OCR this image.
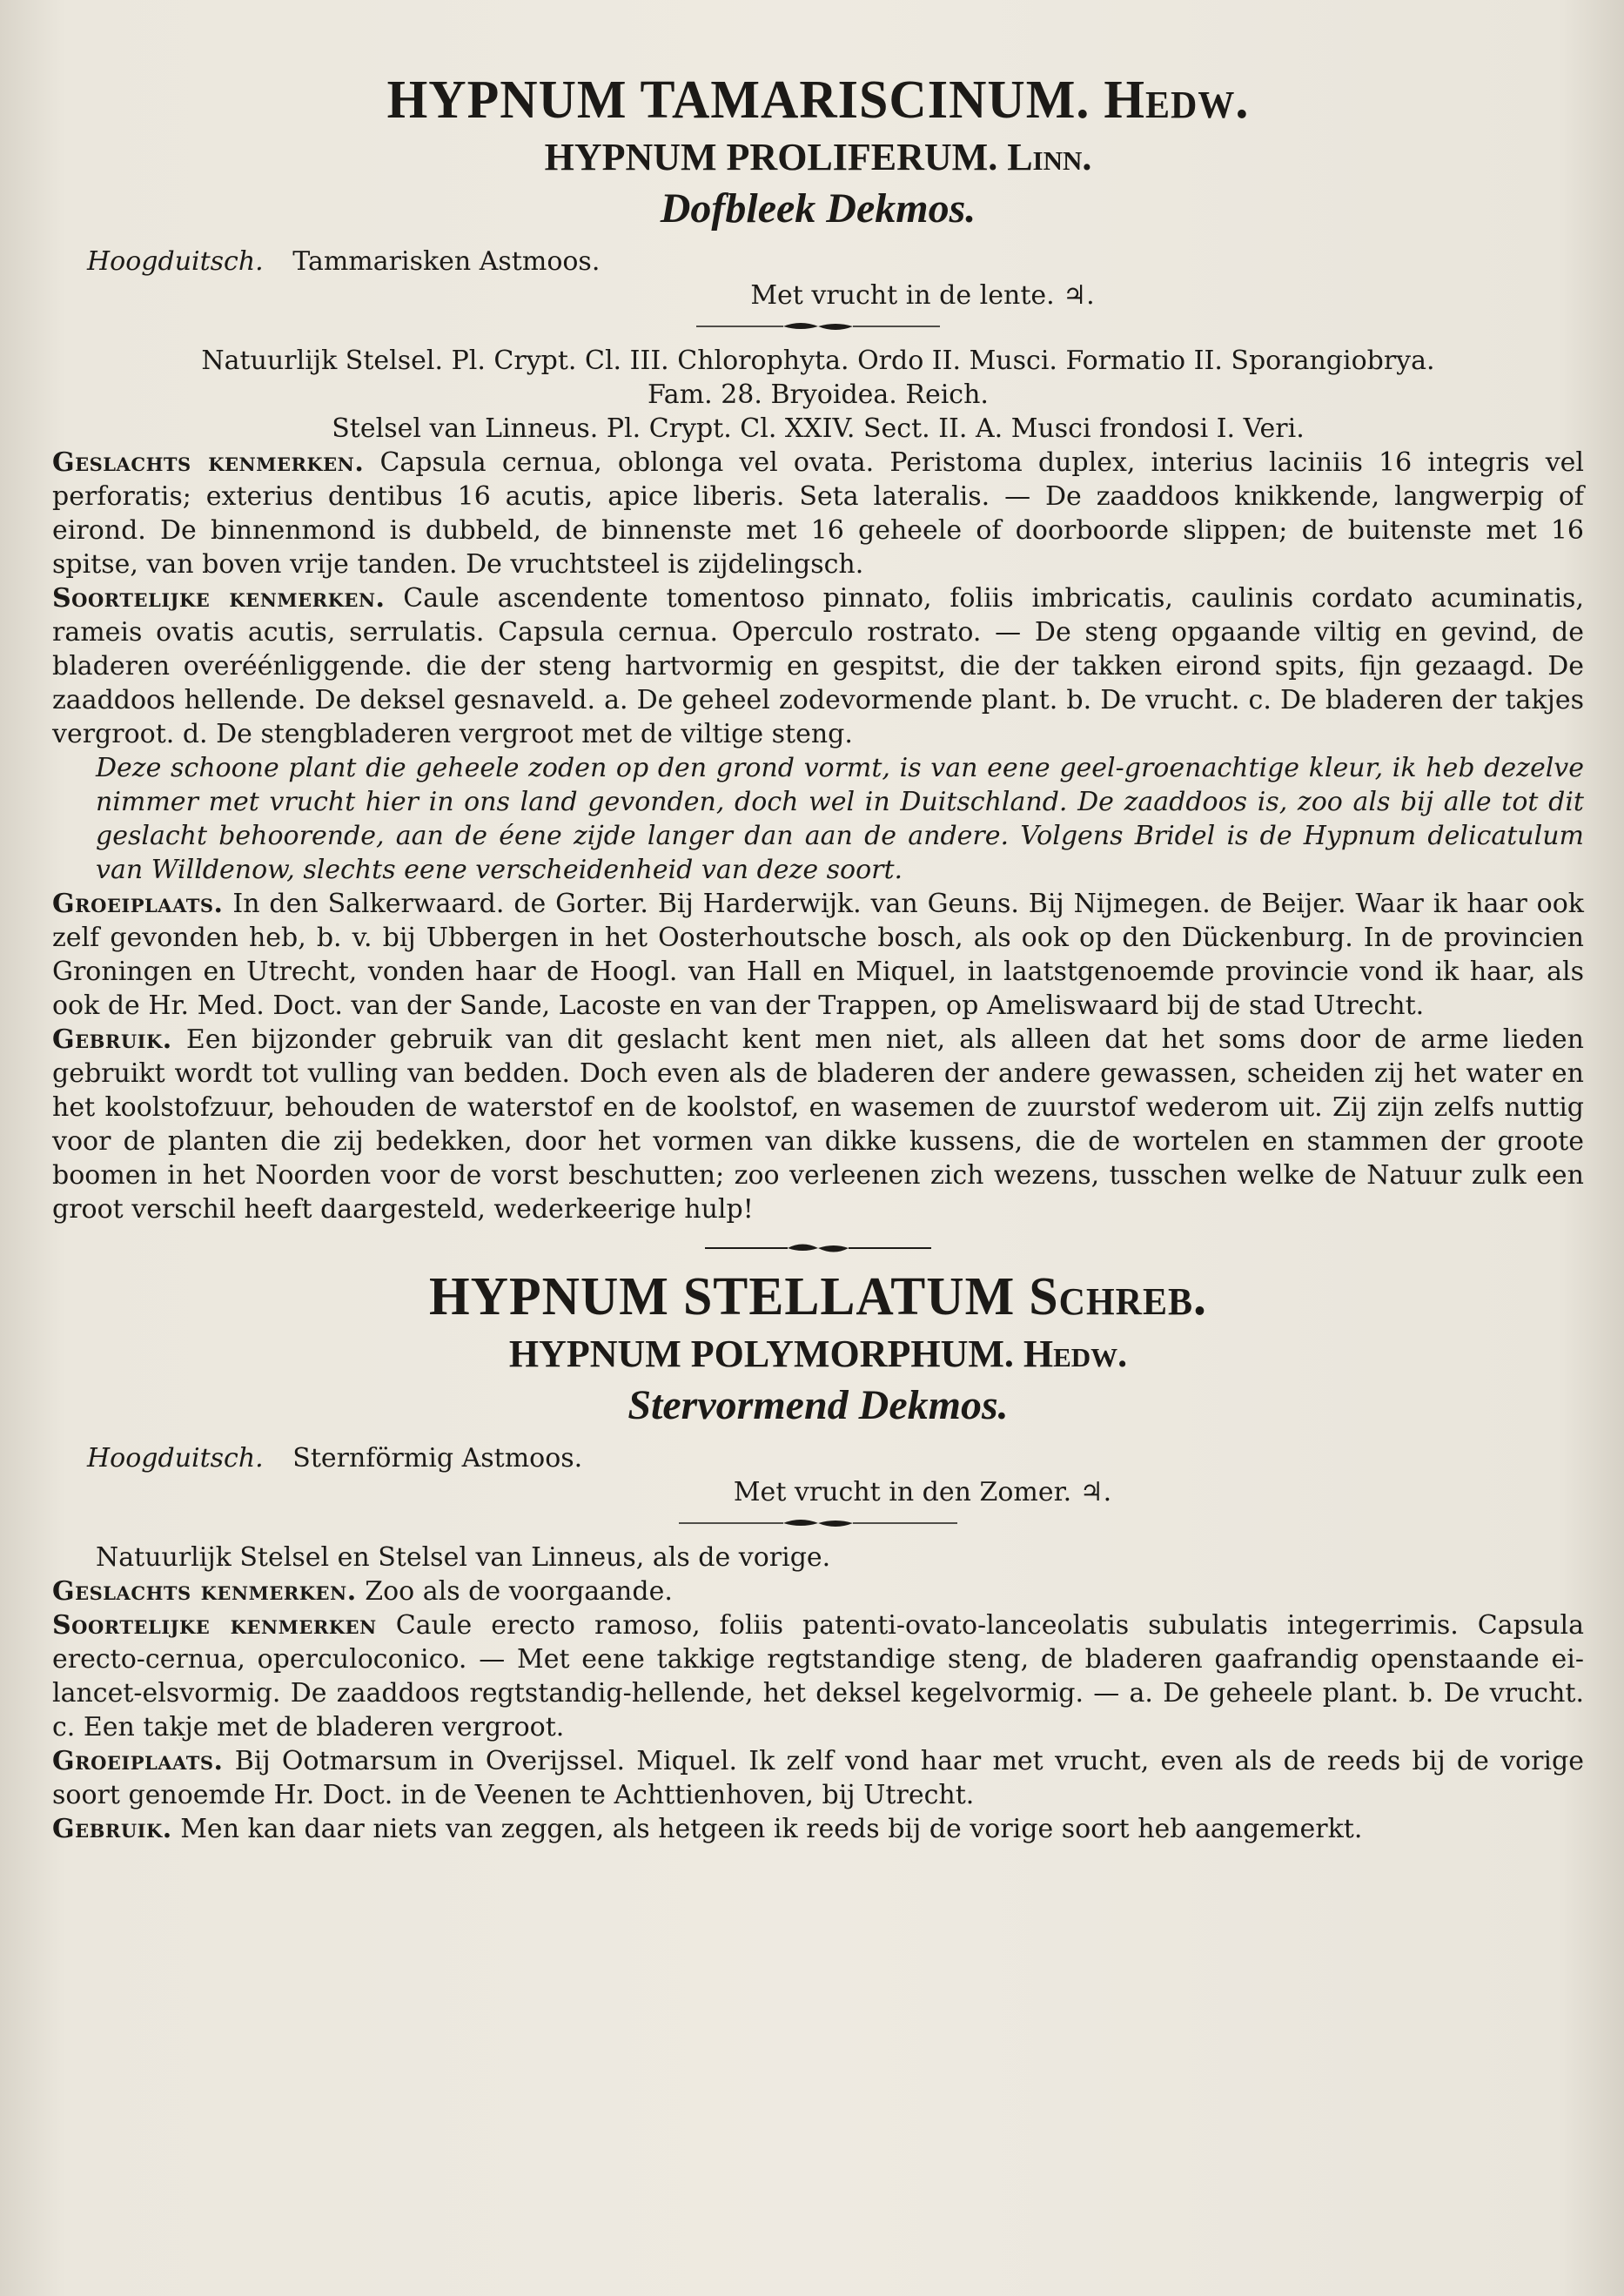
HYPNUM TAMARISCINUM. Hedw.

HYPNUM PROLIFERUM. Linn.

Dofbleek Dekmos.

Hoogduitsch. Tammarisken Astmoos.

Met vrucht in de lente. ♃.

Natuurlijk Stelsel. Pl. Crypt. Cl. III. Chlorophyta. Ordo II. Musci. Formatio II. Sporangiobrya.

Fam. 28. Bryoidea. Reich.

Stelsel van Linneus. Pl. Crypt. Cl. XXIV. Sect. II. A. Musci frondosi I. Veri.

Geslachts kenmerken. Capsula cernua, oblonga vel ovata. Peristoma duplex, interius laciniis 16 integris vel perforatis; exterius dentibus 16 acutis, apice liberis. Seta lateralis. — De zaaddoos knikkende, langwerpig of eirond. De binnenmond is dubbeld, de binnenste met 16 geheele of doorboorde slippen; de buitenste met 16 spitse, van boven vrije tanden. De vruchtsteel is zijdelingsch.

Soortelijke kenmerken. Caule ascendente tomentoso pinnato, foliis imbricatis, caulinis cordato acuminatis, rameis ovatis acutis, serrulatis. Capsula cernua. Operculo rostrato. — De steng opgaande viltig en gevind, de bladeren overéénliggende. die der steng hartvormig en gespitst, die der takken eirond spits, fijn gezaagd. De zaaddoos hellende. De deksel gesnaveld. a. De geheel zodevormende plant. b. De vrucht. c. De bladeren der takjes vergroot. d. De stengbladeren vergroot met de viltige steng.

Deze schoone plant die geheele zoden op den grond vormt, is van eene geel-groenachtige kleur, ik heb dezelve nimmer met vrucht hier in ons land gevonden, doch wel in Duitschland. De zaaddoos is, zoo als bij alle tot dit geslacht behoorende, aan de éene zijde langer dan aan de andere. Volgens Bridel is de Hypnum delicatulum van Willdenow, slechts eene verscheidenheid van deze soort.

Groeiplaats. In den Salkerwaard. de Gorter. Bij Harderwijk. van Geuns. Bij Nijmegen. de Beijer. Waar ik haar ook zelf gevonden heb, b. v. bij Ubbergen in het Oosterhoutsche bosch, als ook op den Dückenburg. In de provincien Groningen en Utrecht, vonden haar de Hoogl. van Hall en Miquel, in laatstgenoemde provincie vond ik haar, als ook de Hr. Med. Doct. van der Sande, Lacoste en van der Trappen, op Ameliswaard bij de stad Utrecht.

Gebruik. Een bijzonder gebruik van dit geslacht kent men niet, als alleen dat het soms door de arme lieden gebruikt wordt tot vulling van bedden. Doch even als de bladeren der andere gewassen, scheiden zij het water en het koolstofzuur, behouden de waterstof en de koolstof, en wasemen de zuurstof wederom uit. Zij zijn zelfs nuttig voor de planten die zij bedekken, door het vormen van dikke kussens, die de wortelen en stammen der groote boomen in het Noorden voor de vorst beschutten; zoo verleenen zich wezens, tusschen welke de Natuur zulk een groot verschil heeft daargesteld, wederkeerige hulp!

HYPNUM STELLATUM Schreb.

HYPNUM POLYMORPHUM. Hedw.

Stervormend Dekmos.

Hoogduitsch. Sternförmig Astmoos.

Met vrucht in den Zomer. ♃.

Natuurlijk Stelsel en Stelsel van Linneus, als de vorige.

Geslachts kenmerken. Zoo als de voorgaande.

Soortelijke kenmerken Caule erecto ramoso, foliis patenti-ovato-lanceolatis subulatis integerrimis. Capsula erecto-cernua, operculoconico. — Met eene takkige regtstandige steng, de bladeren gaafrandig openstaande ei-lancet-elsvormig. De zaaddoos regtstandig-hellende, het deksel kegelvormig. — a. De geheele plant. b. De vrucht. c. Een takje met de bladeren vergroot.

Groeiplaats. Bij Ootmarsum in Overijssel. Miquel. Ik zelf vond haar met vrucht, even als de reeds bij de vorige soort genoemde Hr. Doct. in de Veenen te Achttienhoven, bij Utrecht.

Gebruik. Men kan daar niets van zeggen, als hetgeen ik reeds bij de vorige soort heb aangemerkt.
